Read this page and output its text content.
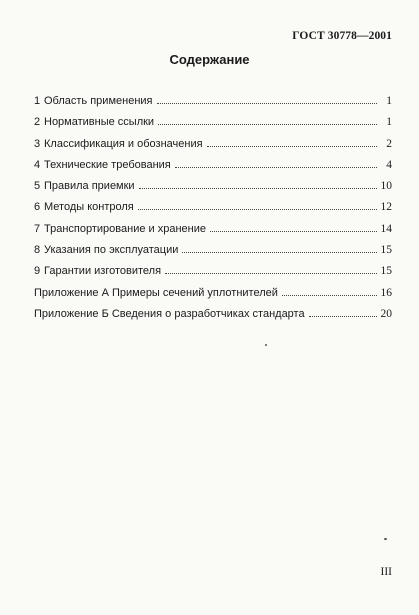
ГОСТ 30778—2001
Содержание
1 Область применения	1
2 Нормативные ссылки	1
3 Классификация и обозначения	2
4 Технические требования	4
5 Правила приемки	10
6 Методы контроля	12
7 Транспортирование и хранение	14
8 Указания по эксплуатации	15
9 Гарантии изготовителя	15
Приложение А Примеры сечений уплотнителей	16
Приложение Б Сведения о разработчиках стандарта	20
III
